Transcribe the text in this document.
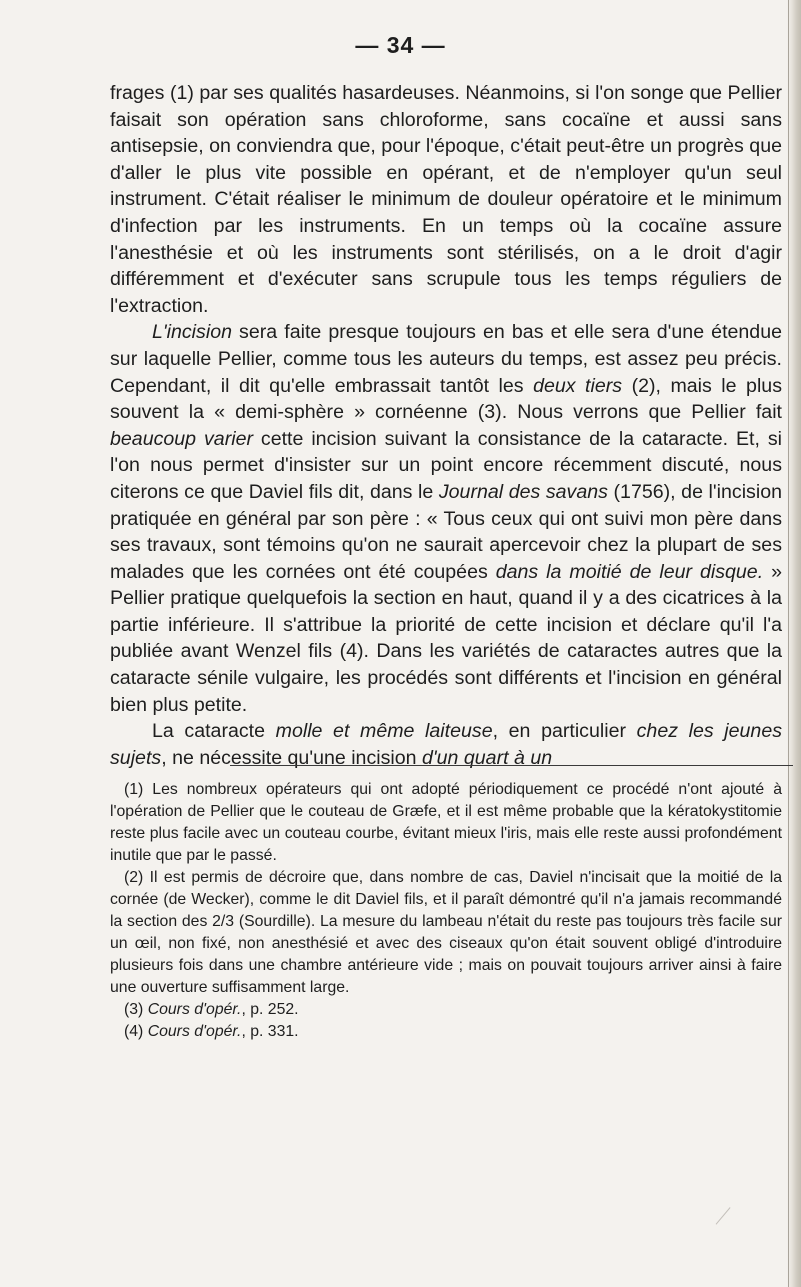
— 34 —

frages (1) par ses qualités hasardeuses. Néanmoins, si l'on songe que Pellier faisait son opération sans chloroforme, sans cocaïne et aussi sans antisepsie, on conviendra que, pour l'époque, c'était peut-être un progrès que d'aller le plus vite possible en opérant, et de n'employer qu'un seul instrument. C'était réaliser le minimum de douleur opératoire et le minimum d'infection par les instruments. En un temps où la cocaïne assure l'anesthésie et où les instruments sont stérilisés, on a le droit d'agir différemment et d'exécuter sans scrupule tous les temps réguliers de l'extraction.

L'incision sera faite presque toujours en bas et elle sera d'une étendue sur laquelle Pellier, comme tous les auteurs du temps, est assez peu précis. Cependant, il dit qu'elle embrassait tantôt les deux tiers (2), mais le plus souvent la « demi-sphère » cornéenne (3). Nous verrons que Pellier fait beaucoup varier cette incision suivant la consistance de la cataracte. Et, si l'on nous permet d'insister sur un point encore récemment discuté, nous citerons ce que Daviel fils dit, dans le Journal des savans (1756), de l'incision pratiquée en général par son père : « Tous ceux qui ont suivi mon père dans ses travaux, sont témoins qu'on ne saurait apercevoir chez la plupart de ses malades que les cornées ont été coupées dans la moitié de leur disque. » Pellier pratique quelquefois la section en haut, quand il y a des cicatrices à la partie inférieure. Il s'attribue la priorité de cette incision et déclare qu'il l'a publiée avant Wenzel fils (4). Dans les variétés de cataractes autres que la cataracte sénile vulgaire, les procédés sont différents et l'incision en général bien plus petite.

La cataracte molle et même laiteuse, en particulier chez les jeunes sujets, ne nécessite qu'une incision d'un quart à un

(1) Les nombreux opérateurs qui ont adopté périodiquement ce procédé n'ont ajouté à l'opération de Pellier que le couteau de Græfe, et il est même probable que la kératokystitomie reste plus facile avec un couteau courbe, évitant mieux l'iris, mais elle reste aussi profondément inutile que par le passé.

(2) Il est permis de décroire que, dans nombre de cas, Daviel n'incisait que la moitié de la cornée (de Wecker), comme le dit Daviel fils, et il paraît démontré qu'il n'a jamais recommandé la section des 2/3 (Sourdille). La mesure du lambeau n'était du reste pas toujours très facile sur un œil, non fixé, non anesthésié et avec des ciseaux qu'on était souvent obligé d'introduire plusieurs fois dans une chambre antérieure vide ; mais on pouvait toujours arriver ainsi à faire une ouverture suffisamment large.

(3) Cours d'opér., p. 252.

(4) Cours d'opér., p. 331.
